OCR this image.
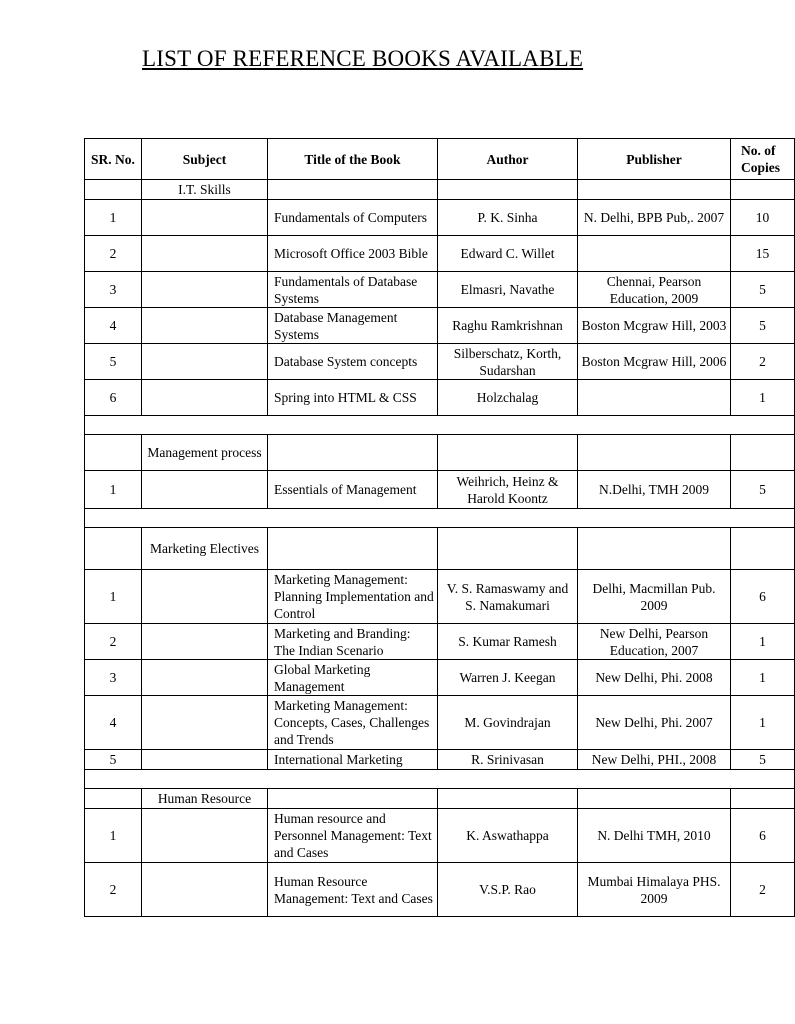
LIST OF REFERENCE BOOKS AVAILABLE
SR. No.	Subject	Title of the Book	Author	Publisher	No. of Copies
	I.T. Skills				
1		Fundamentals of Computers	P. K. Sinha	N. Delhi, BPB Pub,. 2007	10
2		Microsoft Office 2003 Bible	Edward C. Willet		15
3		Fundamentals of Database Systems	Elmasri, Navathe	Chennai, Pearson Education, 2009	5
4		Database Management Systems	Raghu Ramkrishnan	Boston Mcgraw Hill, 2003	5
5		Database System concepts	Silberschatz, Korth, Sudarshan	Boston Mcgraw Hill, 2006	2
6		Spring into HTML & CSS	Holzchalag		1

	Management process				
1		Essentials of Management	Weihrich, Heinz & Harold Koontz	N.Delhi, TMH 2009	5

	Marketing Electives				
1		Marketing Management: Planning Implementation and Control	V. S. Ramaswamy and S. Namakumari	Delhi, Macmillan Pub. 2009	6
2		Marketing and Branding: The Indian Scenario	S. Kumar Ramesh	New Delhi, Pearson Education, 2007	1
3		Global Marketing Management	Warren J. Keegan	New Delhi, Phi. 2008	1
4		Marketing Management: Concepts, Cases, Challenges and Trends	M. Govindrajan	New Delhi, Phi. 2007	1
5		International Marketing	R. Srinivasan	New Delhi, PHI., 2008	5

	Human Resource				
1		Human resource and Personnel Management: Text and Cases	K. Aswathappa	N. Delhi TMH, 2010	6
2		Human Resource Management: Text and Cases	V.S.P. Rao	Mumbai Himalaya PHS. 2009	2
